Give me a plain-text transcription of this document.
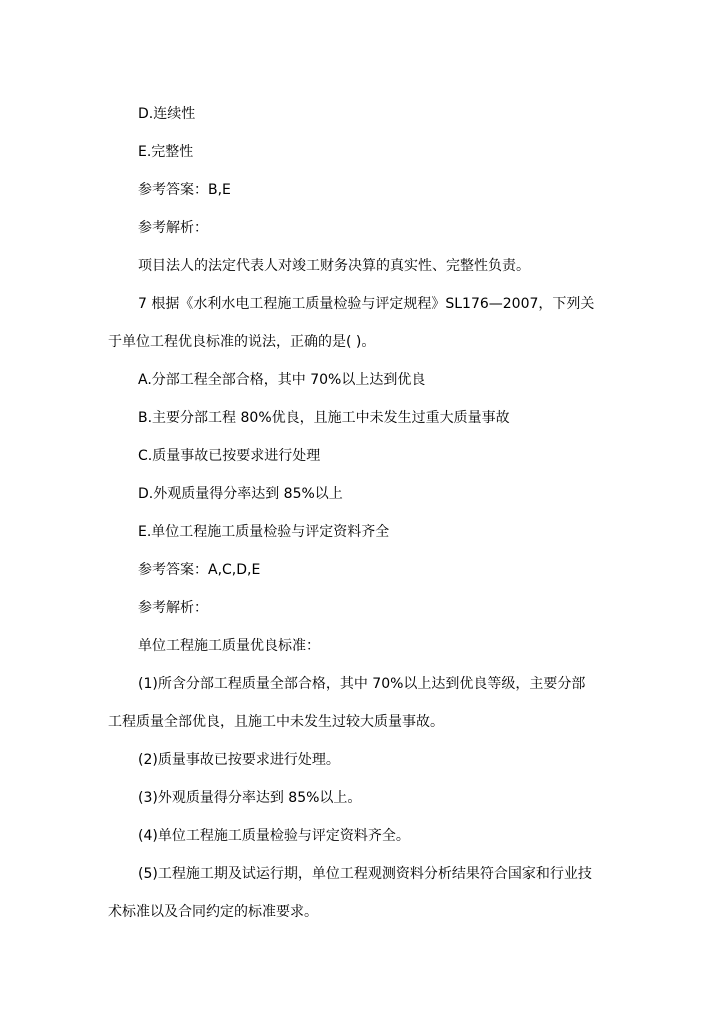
D.连续性
E.完整性
参考答案：B,E
参考解析：
项目法人的法定代表人对竣工财务决算的真实性、完整性负责。
7 根据《水利水电工程施工质量检验与评定规程》SL176—2007，下列关
于单位工程优良标准的说法，正确的是( )。
A.分部工程全部合格，其中 70%以上达到优良
B.主要分部工程 80%优良，且施工中未发生过重大质量事故
C.质量事故已按要求进行处理
D.外观质量得分率达到 85%以上
E.单位工程施工质量检验与评定资料齐全
参考答案：A,C,D,E
参考解析：
单位工程施工质量优良标准：
(1)所含分部工程质量全部合格，其中 70%以上达到优良等级，主要分部
工程质量全部优良，且施工中未发生过较大质量事故。
(2)质量事故已按要求进行处理。
(3)外观质量得分率达到 85%以上。
(4)单位工程施工质量检验与评定资料齐全。
(5)工程施工期及试运行期，单位工程观测资料分析结果符合国家和行业技
术标准以及合同约定的标准要求。
